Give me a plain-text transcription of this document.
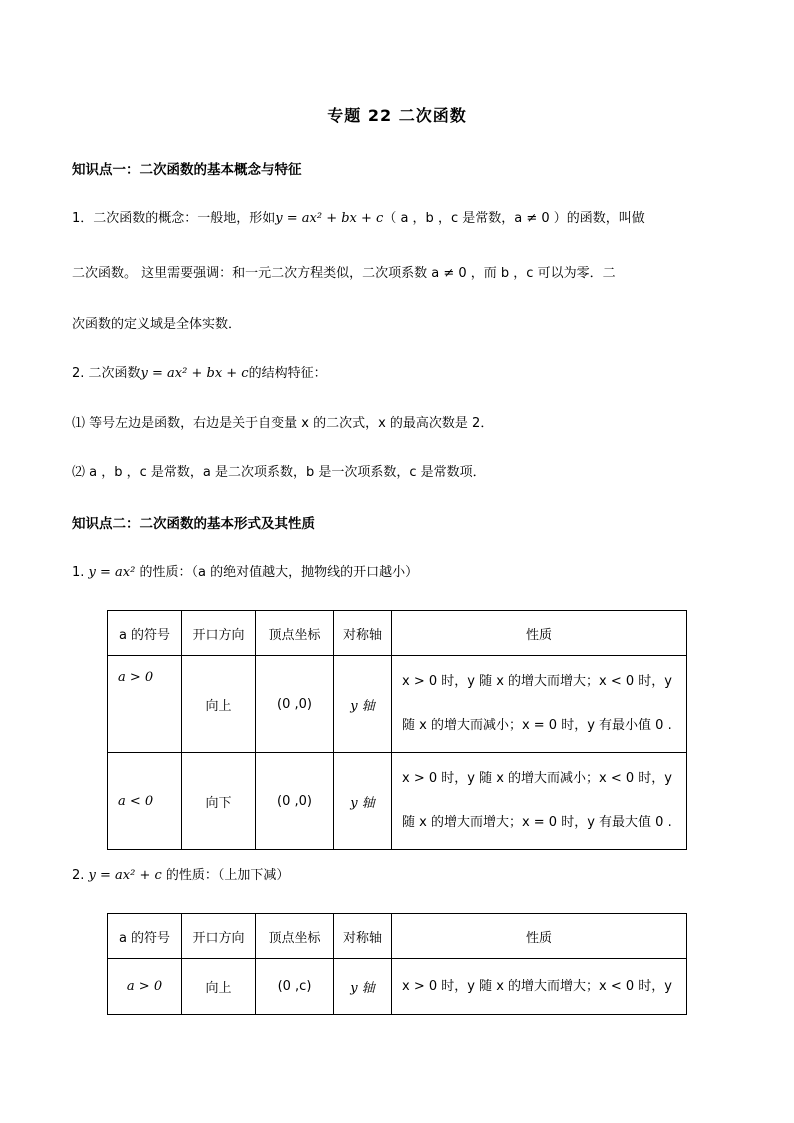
专题 22 二次函数
知识点一：二次函数的基本概念与特征
1．二次函数的概念：一般地，形如y = ax² + bx + c（ a ，b ，c 是常数，a ≠ 0 ）的函数，叫做
二次函数。 这里需要强调：和一元二次方程类似，二次项系数 a ≠ 0 ，而 b ，c 可以为零．二
次函数的定义域是全体实数．
2. 二次函数y = ax² + bx + c的结构特征：
⑴ 等号左边是函数，右边是关于自变量 x 的二次式，x 的最高次数是 2．
⑵ a ，b ，c 是常数，a 是二次项系数，b 是一次项系数，c 是常数项．
知识点二：二次函数的基本形式及其性质
1. y = ax² 的性质：（a 的绝对值越大，抛物线的开口越小）
a 的符号	开口方向	顶点坐标	对称轴	性质
a > 0	向上	(0 ,0)	y 轴	x > 0 时，y 随 x 的增大而增大；x < 0 时，y
随 x 的增大而减小；x = 0 时，y 有最小值 0 .

a < 0	向下	(0 ,0)	y 轴	x > 0 时，y 随 x 的增大而减小；x < 0 时，y
随 x 的增大而增大；x = 0 时，y 有最大值 0 .
2. y = ax² + c 的性质：（上加下减）
a 的符号	开口方向	顶点坐标	对称轴	性质
a > 0	向上	(0 ,c)	y 轴	x > 0 时，y 随 x 的增大而增大；x < 0 时，y
